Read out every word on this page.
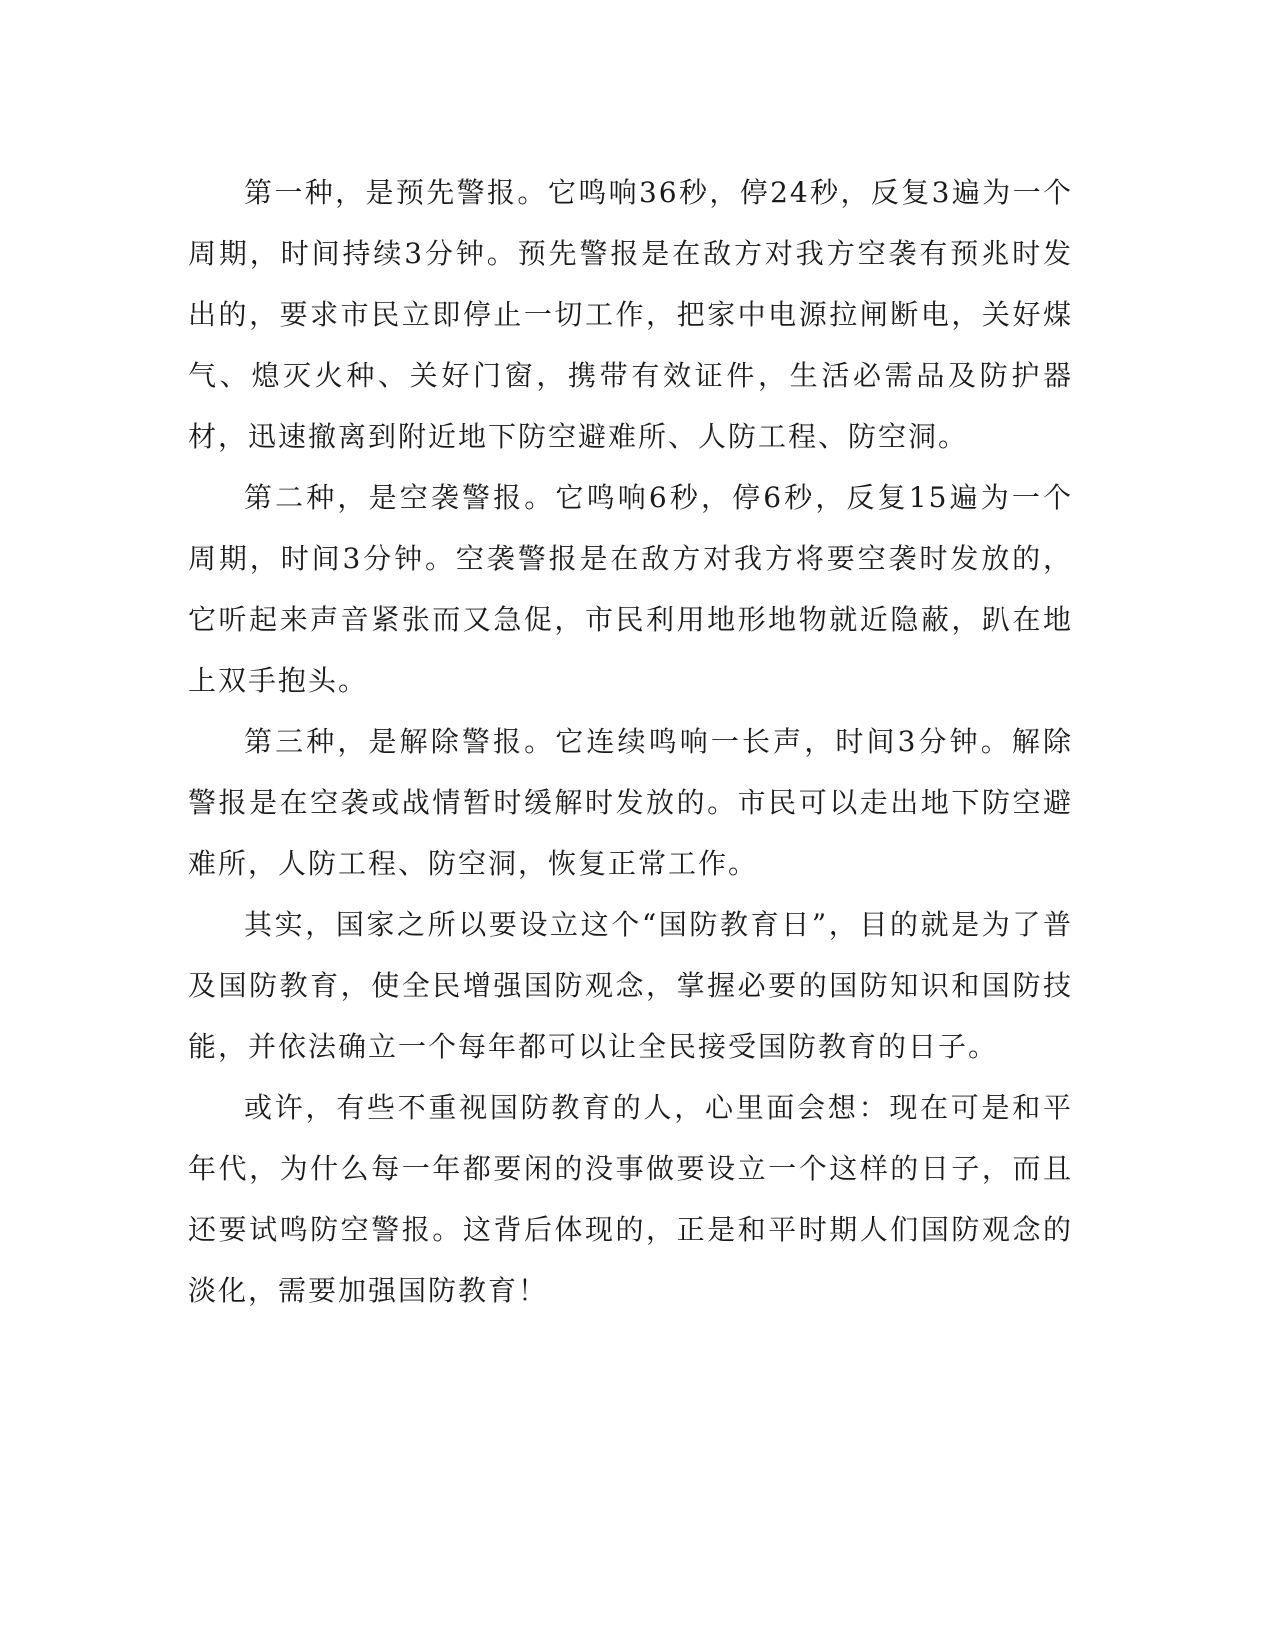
第一种，是预先警报。它鸣响36秒，停24秒，反复3遍为一个周期，时间持续3分钟。预先警报是在敌方对我方空袭有预兆时发出的，要求市民立即停止一切工作，把家中电源拉闸断电，关好煤气、熄灭火种、关好门窗，携带有效证件，生活必需品及防护器材，迅速撤离到附近地下防空避难所、人防工程、防空洞。

第二种，是空袭警报。它鸣响6秒，停6秒，反复15遍为一个周期，时间3分钟。空袭警报是在敌方对我方将要空袭时发放的，它听起来声音紧张而又急促，市民利用地形地物就近隐蔽，趴在地上双手抱头。

第三种，是解除警报。它连续鸣响一长声，时间3分钟。解除警报是在空袭或战情暂时缓解时发放的。市民可以走出地下防空避难所，人防工程、防空洞，恢复正常工作。

其实，国家之所以要设立这个“国防教育日”，目的就是为了普及国防教育，使全民增强国防观念，掌握必要的国防知识和国防技能，并依法确立一个每年都可以让全民接受国防教育的日子。

或许，有些不重视国防教育的人，心里面会想：现在可是和平年代，为什么每一年都要闲的没事做要设立一个这样的日子，而且还要试鸣防空警报。这背后体现的，正是和平时期人们国防观念的淡化，需要加强国防教育！
